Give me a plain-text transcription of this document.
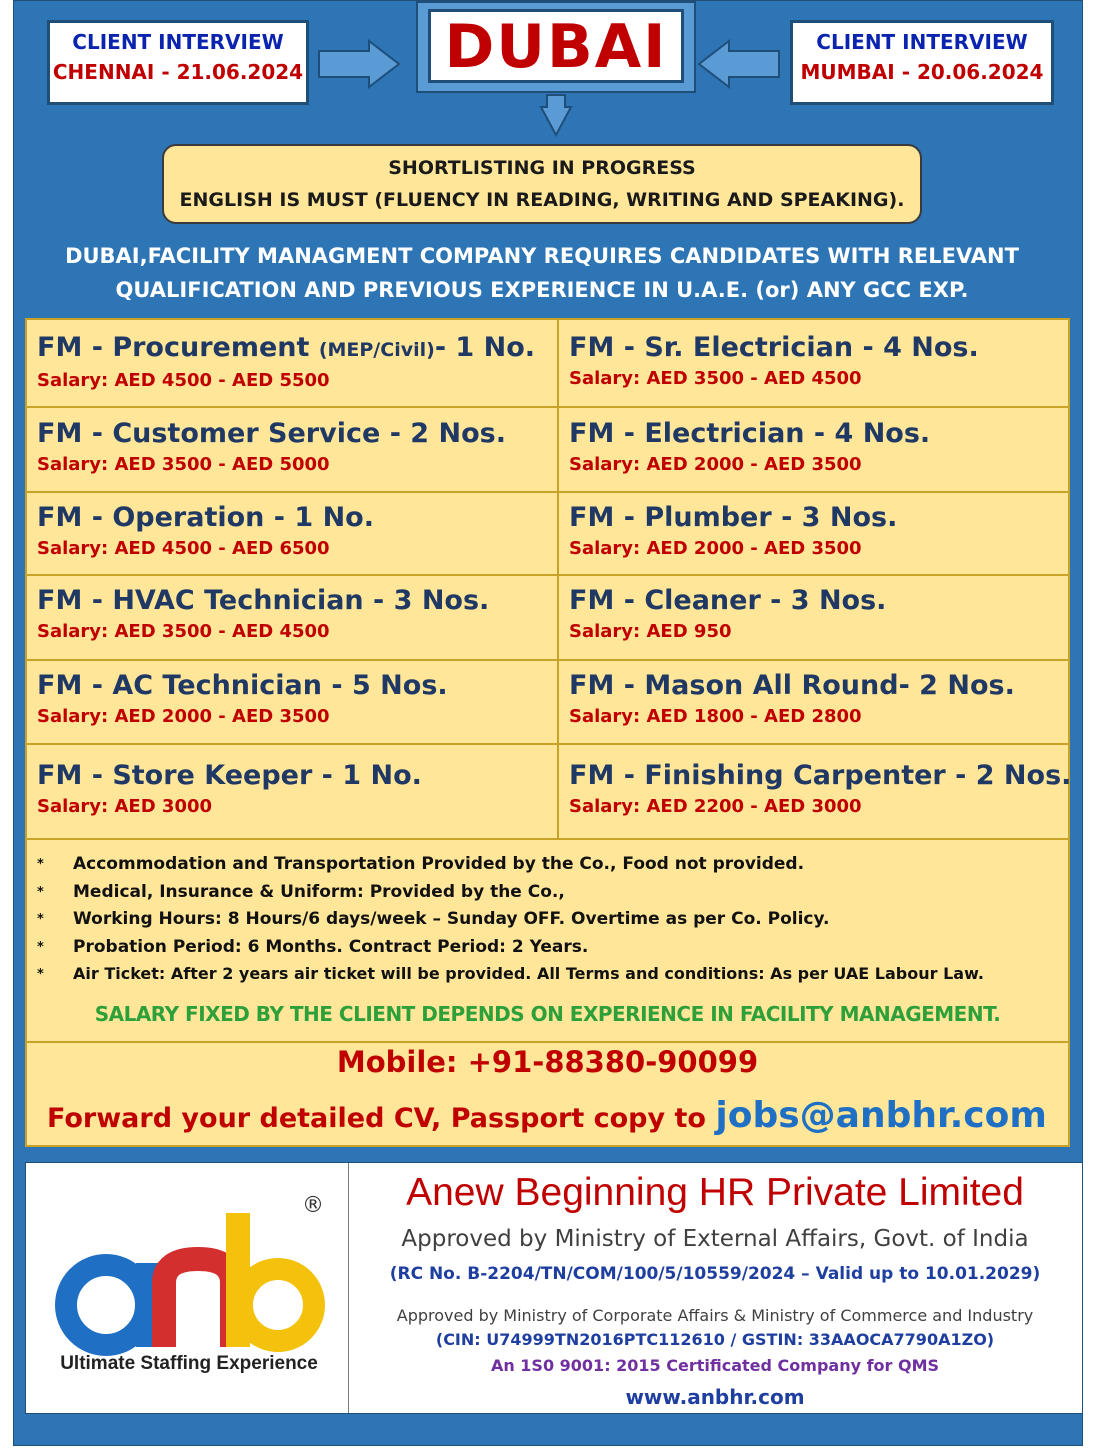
CLIENT INTERVIEW
CHENNAI - 21.06.2024
CLIENT INTERVIEW
MUMBAI - 20.06.2024
DUBAI
SHORTLISTING IN PROGRESS
ENGLISH IS MUST (FLUENCY IN READING, WRITING AND SPEAKING).
DUBAI,FACILITY MANAGMENT COMPANY REQUIRES CANDIDATES WITH RELEVANT
QUALIFICATION AND PREVIOUS EXPERIENCE IN U.A.E. (or) ANY GCC EXP.
FM - Procurement (MEP/Civil)- 1 No.
Salary: AED 4500 - AED 5500
FM - Sr. Electrician - 4 Nos.
Salary: AED 3500 - AED 4500
FM - Customer Service - 2 Nos.
Salary: AED 3500 - AED 5000
FM - Electrician - 4 Nos.
Salary: AED 2000 - AED 3500
FM - Operation - 1 No.
Salary: AED 4500 - AED 6500
FM - Plumber - 3 Nos.
Salary: AED 2000 - AED 3500
FM - HVAC Technician - 3 Nos.
Salary: AED 3500 - AED 4500
FM - Cleaner - 3 Nos.
Salary: AED 950
FM - AC Technician - 5 Nos.
Salary: AED 2000 - AED 3500
FM - Mason All Round- 2 Nos.
Salary: AED 1800 - AED 2800
FM - Store Keeper - 1 No.
Salary: AED 3000
FM - Finishing Carpenter - 2 Nos.
Salary: AED 2200 - AED 3000
* Accommodation and Transportation Provided by the Co., Food not provided.
* Medical, Insurance & Uniform: Provided by the Co.,
* Working Hours: 8 Hours/6 days/week – Sunday OFF. Overtime as per Co. Policy.
* Probation Period: 6 Months. Contract Period: 2 Years.
* Air Ticket: After 2 years air ticket will be provided. All Terms and conditions: As per UAE Labour Law.
SALARY FIXED BY THE CLIENT DEPENDS ON EXPERIENCE IN FACILITY MANAGEMENT.
Mobile: +91-88380-90099
Forward your detailed CV, Passport copy to jobs@anbhr.com
®
Ultimate Staffing Experience
Anew Beginning HR Private Limited
Approved by Ministry of External Affairs, Govt. of India
(RC No. B-2204/TN/COM/100/5/10559/2024 – Valid up to 10.01.2029)
Approved by Ministry of Corporate Affairs & Ministry of Commerce and Industry
(CIN: U74999TN2016PTC112610 / GSTIN: 33AAOCA7790A1ZO)
An 1S0 9001: 2015 Certificated Company for QMS
www.anbhr.com
